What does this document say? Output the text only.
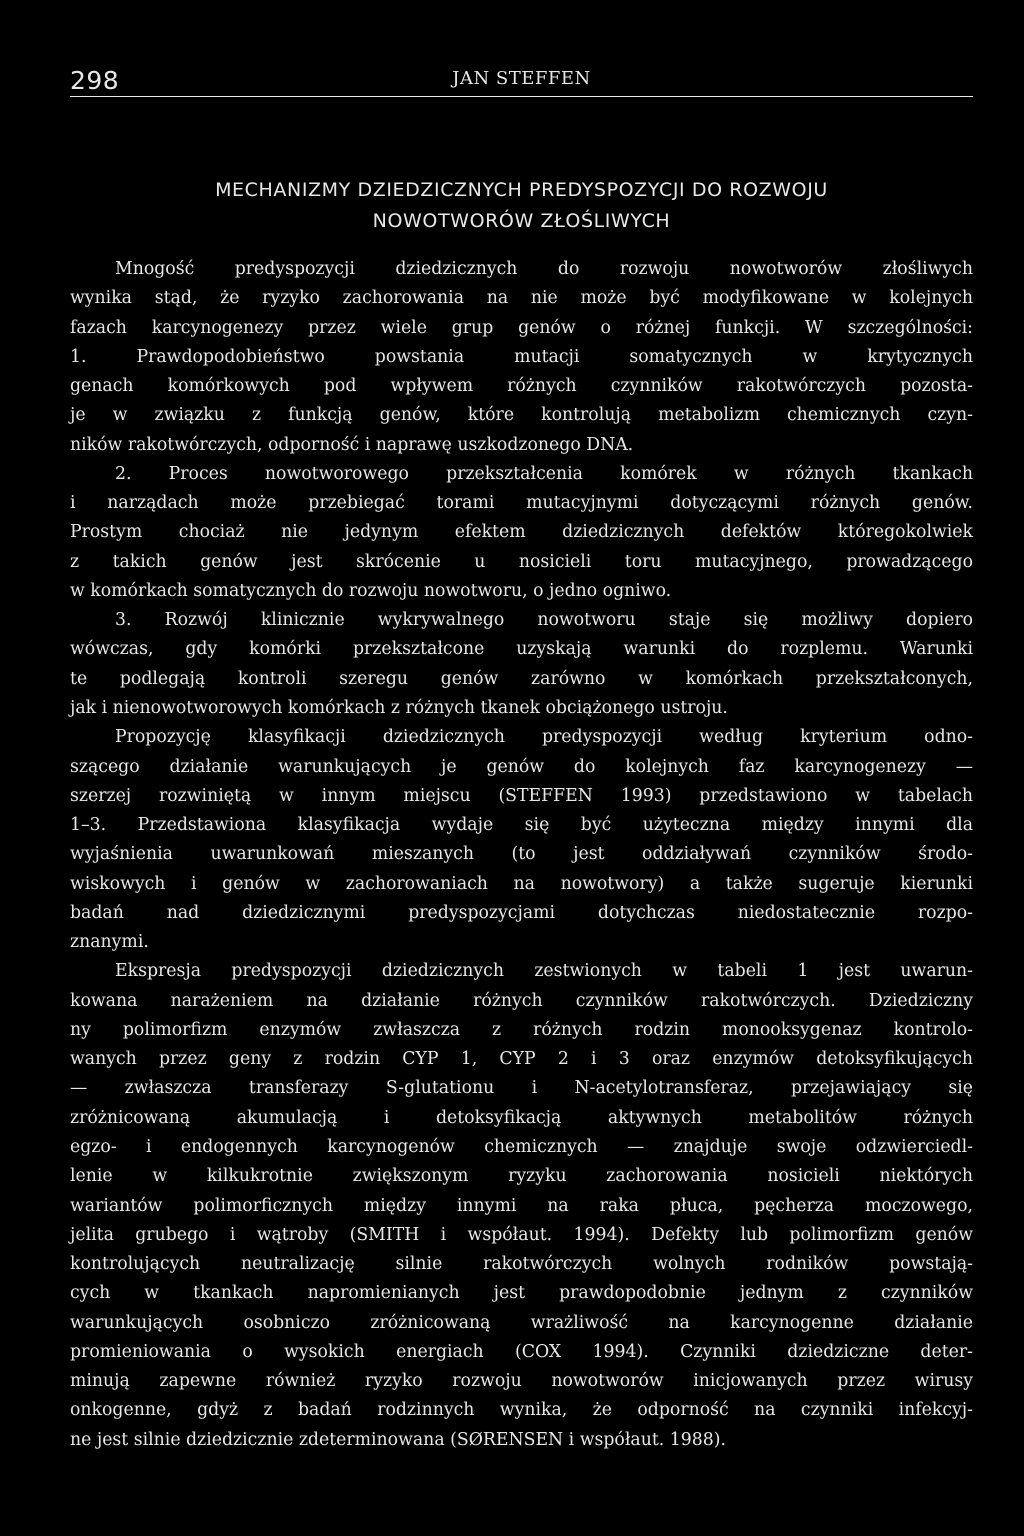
298	JAN STEFFEN
MECHANIZMY DZIEDZICZNYCH PREDYSPOZYCJI DO ROZWOJU
NOWOTWORÓW ZŁOŚLIWYCH
Mnogość predyspozycji dziedzicznych do rozwoju nowotworów złośliwych
wynika stąd, że ryzyko zachorowania na nie może być modyfikowane w kolejnych
fazach karcynogenezy przez wiele grup genów o różnej funkcji. W szczególności:
1. Prawdopodobieństwo powstania mutacji somatycznych w krytycznych
genach komórkowych pod wpływem różnych czynników rakotwórczych pozosta-
je w związku z funkcją genów, które kontrolują metabolizm chemicznych czyn-
ników rakotwórczych, odporność i naprawę uszkodzonego DNA.
2. Proces nowotworowego przekształcenia komórek w różnych tkankach
i narządach może przebiegać torami mutacyjnymi dotyczącymi różnych genów.
Prostym chociaż nie jedynym efektem dziedzicznych defektów któregokolwiek
z takich genów jest skrócenie u nosicieli toru mutacyjnego, prowadzącego
w komórkach somatycznych do rozwoju nowotworu, o jedno ogniwo.
3. Rozwój klinicznie wykrywalnego nowotworu staje się możliwy dopiero
wówczas, gdy komórki przekształcone uzyskają warunki do rozplemu. Warunki
te podlegają kontroli szeregu genów zarówno w komórkach przekształconych,
jak i nienowotworowych komórkach z różnych tkanek obciążonego ustroju.
Propozycję klasyfikacji dziedzicznych predyspozycji według kryterium odno-
szącego działanie warunkujących je genów do kolejnych faz karcynogenezy —
szerzej rozwiniętą w innym miejscu (STEFFEN 1993) przedstawiono w tabelach
1–3. Przedstawiona klasyfikacja wydaje się być użyteczna między innymi dla
wyjaśnienia uwarunkowań mieszanych (to jest oddziaływań czynników środo-
wiskowych i genów w zachorowaniach na nowotwory) a także sugeruje kierunki
badań nad dziedzicznymi predyspozycjami dotychczas niedostatecznie rozpo-
znanymi.
Ekspresja predyspozycji dziedzicznych zestwionych w tabeli 1 jest uwarun-
kowana narażeniem na działanie różnych czynników rakotwórczych. Dziedziczny
ny polimorfizm enzymów zwłaszcza z różnych rodzin monooksygenaz kontrolo-
wanych przez geny z rodzin CYP 1, CYP 2 i 3 oraz enzymów detoksyfikujących
— zwłaszcza transferazy S-glutationu i N-acetylotransferaz, przejawiający się
zróżnicowaną akumulacją i detoksyfikacją aktywnych metabolitów różnych
egzo- i endogennych karcynogenów chemicznych — znajduje swoje odzwierciedl-
lenie w kilkukrotnie zwiększonym ryzyku zachorowania nosicieli niektórych
wariantów polimorficznych między innymi na raka płuca, pęcherza moczowego,
jelita grubego i wątroby (SMITH i współaut. 1994). Defekty lub polimorfizm genów
kontrolujących neutralizację silnie rakotwórczych wolnych rodników powstają-
cych w tkankach napromienianych jest prawdopodobnie jednym z czynników
warunkujących osobniczo zróżnicowaną wrażliwość na karcynogenne działanie
promieniowania o wysokich energiach (COX 1994). Czynniki dziedziczne deter-
minują zapewne również ryzyko rozwoju nowotworów inicjowanych przez wirusy
onkogenne, gdyż z badań rodzinnych wynika, że odporność na czynniki infekcyj-
ne jest silnie dziedzicznie zdeterminowana (SØRENSEN i współaut. 1988).
